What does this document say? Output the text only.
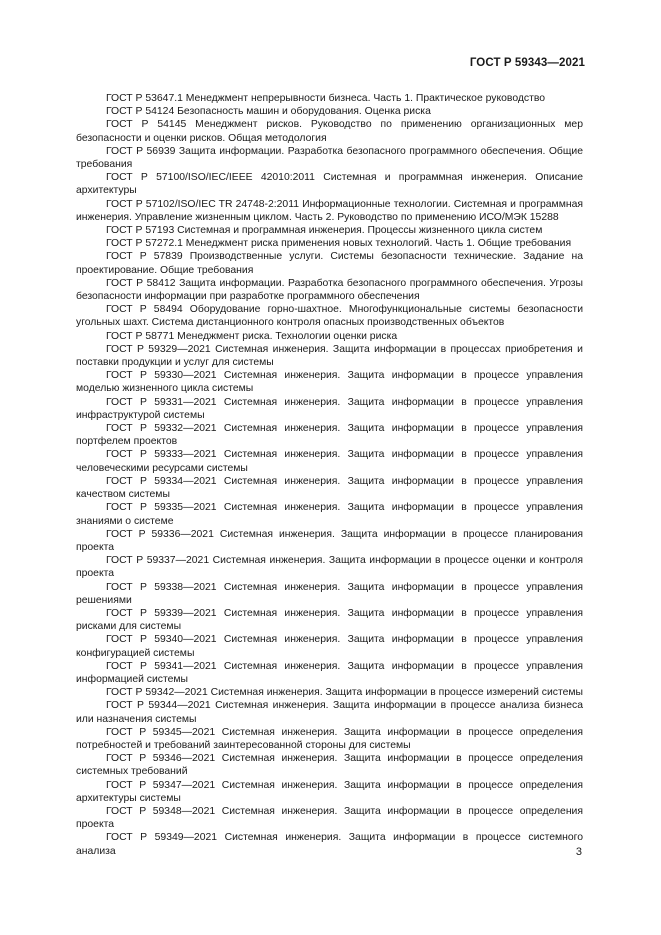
ГОСТ Р 59343—2021

ГОСТ Р 53647.1 Менеджмент непрерывности бизнеса. Часть 1. Практическое руководство

ГОСТ Р 54124 Безопасность машин и оборудования. Оценка риска

ГОСТ Р 54145 Менеджмент рисков. Руководство по применению организационных мер безопасности и оценки рисков. Общая методология

ГОСТ Р 56939 Защита информации. Разработка безопасного программного обеспечения. Общие требования

ГОСТ Р 57100/ISO/IEC/IEEE 42010:2011 Системная и программная инженерия. Описание архитектуры

ГОСТ Р 57102/ISO/IEC TR 24748-2:2011 Информационные технологии. Системная и программная инженерия. Управление жизненным циклом. Часть 2. Руководство по применению ИСО/МЭК 15288

ГОСТ Р 57193 Системная и программная инженерия. Процессы жизненного цикла систем

ГОСТ Р 57272.1 Менеджмент риска применения новых технологий. Часть 1. Общие требования

ГОСТ Р 57839 Производственные услуги. Системы безопасности технические. Задание на проектирование. Общие требования

ГОСТ Р 58412 Защита информации. Разработка безопасного программного обеспечения. Угрозы безопасности информации при разработке программного обеспечения

ГОСТ Р 58494 Оборудование горно-шахтное. Многофункциональные системы безопасности угольных шахт. Система дистанционного контроля опасных производственных объектов

ГОСТ Р 58771 Менеджмент риска. Технологии оценки риска

ГОСТ Р 59329—2021 Системная инженерия. Защита информации в процессах приобретения и поставки продукции и услуг для системы

ГОСТ Р 59330—2021 Системная инженерия. Защита информации в процессе управления моделью жизненного цикла системы

ГОСТ Р 59331—2021 Системная инженерия. Защита информации в процессе управления инфраструктурой системы

ГОСТ Р 59332—2021 Системная инженерия. Защита информации в процессе управления портфелем проектов

ГОСТ Р 59333—2021 Системная инженерия. Защита информации в процессе управления человеческими ресурсами системы

ГОСТ Р 59334—2021 Системная инженерия. Защита информации в процессе управления качеством системы

ГОСТ Р 59335—2021 Системная инженерия. Защита информации в процессе управления знаниями о системе

ГОСТ Р 59336—2021 Системная инженерия. Защита информации в процессе планирования проекта

ГОСТ Р 59337—2021 Системная инженерия. Защита информации в процессе оценки и контроля проекта

ГОСТ Р 59338—2021 Системная инженерия. Защита информации в процессе управления решениями

ГОСТ Р 59339—2021 Системная инженерия. Защита информации в процессе управления рисками для системы

ГОСТ Р 59340—2021 Системная инженерия. Защита информации в процессе управления конфигурацией системы

ГОСТ Р 59341—2021 Системная инженерия. Защита информации в процессе управления информацией системы

ГОСТ Р 59342—2021 Системная инженерия. Защита информации в процессе измерений системы

ГОСТ Р 59344—2021 Системная инженерия. Защита информации в процессе анализа бизнеса или назначения системы

ГОСТ Р 59345—2021 Системная инженерия. Защита информации в процессе определения потребностей и требований заинтересованной стороны для системы

ГОСТ Р 59346—2021 Системная инженерия. Защита информации в процессе определения системных требований

ГОСТ Р 59347—2021 Системная инженерия. Защита информации в процессе определения архитектуры системы

ГОСТ Р 59348—2021 Системная инженерия. Защита информации в процессе определения проекта

ГОСТ Р 59349—2021 Системная инженерия. Защита информации в процессе системного анализа	3
